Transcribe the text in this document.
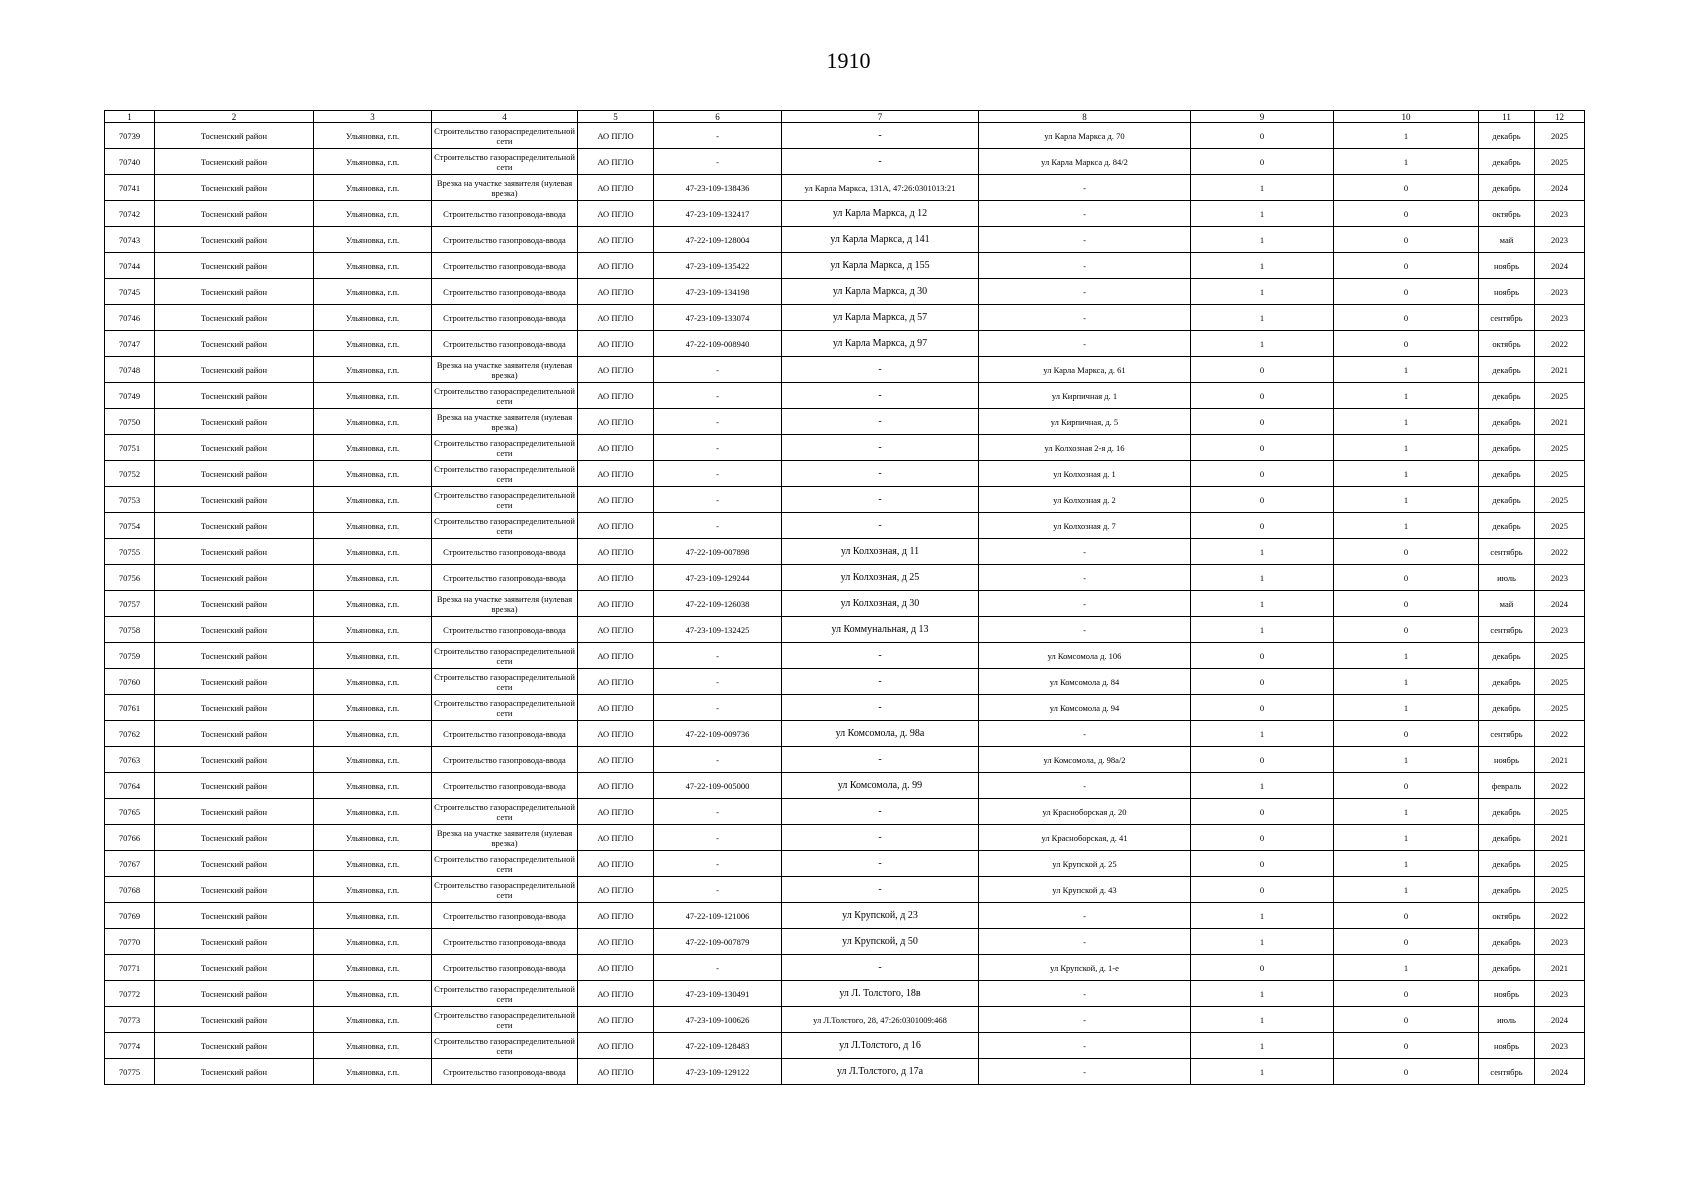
1910
1	2	3	4	5	6	7	8	9	10	11	12
70739	Тосненский район	Ульяновка, г.п.	Строительство газораспределительной сети	АО ПГЛО	-	-	ул Карла Маркса д. 70	0	1	декабрь	2025
70740	Тосненский район	Ульяновка, г.п.	Строительство газораспределительной сети	АО ПГЛО	-	-	ул Карла Маркса д. 84/2	0	1	декабрь	2025
70741	Тосненский район	Ульяновка, г.п.	Врезка на участке заявителя (нулевая врезка)	АО ПГЛО	47-23-109-138436	ул Карла Маркса, 131А, 47:26:0301013:21	-	1	0	декабрь	2024
70742	Тосненский район	Ульяновка, г.п.	Строительство газопровода-ввода	АО ПГЛО	47-23-109-132417	ул Карла Маркса, д 12	-	1	0	октябрь	2023
70743	Тосненский район	Ульяновка, г.п.	Строительство газопровода-ввода	АО ПГЛО	47-22-109-128004	ул Карла Маркса, д 141	-	1	0	май	2023
70744	Тосненский район	Ульяновка, г.п.	Строительство газопровода-ввода	АО ПГЛО	47-23-109-135422	ул Карла Маркса, д 155	-	1	0	ноябрь	2024
70745	Тосненский район	Ульяновка, г.п.	Строительство газопровода-ввода	АО ПГЛО	47-23-109-134198	ул Карла Маркса, д 30	-	1	0	ноябрь	2023
70746	Тосненский район	Ульяновка, г.п.	Строительство газопровода-ввода	АО ПГЛО	47-23-109-133074	ул Карла Маркса, д 57	-	1	0	сентябрь	2023
70747	Тосненский район	Ульяновка, г.п.	Строительство газопровода-ввода	АО ПГЛО	47-22-109-008940	ул Карла Маркса, д 97	-	1	0	октябрь	2022
70748	Тосненский район	Ульяновка, г.п.	Врезка на участке заявителя (нулевая врезка)	АО ПГЛО	-	-	ул Карла Маркса, д. 61	0	1	декабрь	2021
70749	Тосненский район	Ульяновка, г.п.	Строительство газораспределительной сети	АО ПГЛО	-	-	ул Кирпичная д. 1	0	1	декабрь	2025
70750	Тосненский район	Ульяновка, г.п.	Врезка на участке заявителя (нулевая врезка)	АО ПГЛО	-	-	ул Кирпичная, д. 5	0	1	декабрь	2021
70751	Тосненский район	Ульяновка, г.п.	Строительство газораспределительной сети	АО ПГЛО	-	-	ул Колхозная 2-я д. 16	0	1	декабрь	2025
70752	Тосненский район	Ульяновка, г.п.	Строительство газораспределительной сети	АО ПГЛО	-	-	ул Колхозная д. 1	0	1	декабрь	2025
70753	Тосненский район	Ульяновка, г.п.	Строительство газораспределительной сети	АО ПГЛО	-	-	ул Колхозная д. 2	0	1	декабрь	2025
70754	Тосненский район	Ульяновка, г.п.	Строительство газораспределительной сети	АО ПГЛО	-	-	ул Колхозная д. 7	0	1	декабрь	2025
70755	Тосненский район	Ульяновка, г.п.	Строительство газопровода-ввода	АО ПГЛО	47-22-109-007898	ул Колхозная, д 11	-	1	0	сентябрь	2022
70756	Тосненский район	Ульяновка, г.п.	Строительство газопровода-ввода	АО ПГЛО	47-23-109-129244	ул Колхозная, д 25	-	1	0	июль	2023
70757	Тосненский район	Ульяновка, г.п.	Врезка на участке заявителя (нулевая врезка)	АО ПГЛО	47-22-109-126038	ул Колхозная, д 30	-	1	0	май	2024
70758	Тосненский район	Ульяновка, г.п.	Строительство газопровода-ввода	АО ПГЛО	47-23-109-132425	ул Коммунальная, д 13	-	1	0	сентябрь	2023
70759	Тосненский район	Ульяновка, г.п.	Строительство газораспределительной сети	АО ПГЛО	-	-	ул Комсомола д. 106	0	1	декабрь	2025
70760	Тосненский район	Ульяновка, г.п.	Строительство газораспределительной сети	АО ПГЛО	-	-	ул Комсомола д. 84	0	1	декабрь	2025
70761	Тосненский район	Ульяновка, г.п.	Строительство газораспределительной сети	АО ПГЛО	-	-	ул Комсомола д. 94	0	1	декабрь	2025
70762	Тосненский район	Ульяновка, г.п.	Строительство газопровода-ввода	АО ПГЛО	47-22-109-009736	ул Комсомола, д. 98а	-	1	0	сентябрь	2022
70763	Тосненский район	Ульяновка, г.п.	Строительство газопровода-ввода	АО ПГЛО	-	-	ул Комсомола, д. 98а/2	0	1	ноябрь	2021
70764	Тосненский район	Ульяновка, г.п.	Строительство газопровода-ввода	АО ПГЛО	47-22-109-005000	ул Комсомола, д. 99	-	1	0	февраль	2022
70765	Тосненский район	Ульяновка, г.п.	Строительство газораспределительной сети	АО ПГЛО	-	-	ул Красноборская д. 20	0	1	декабрь	2025
70766	Тосненский район	Ульяновка, г.п.	Врезка на участке заявителя (нулевая врезка)	АО ПГЛО	-	-	ул Красноборская, д. 41	0	1	декабрь	2021
70767	Тосненский район	Ульяновка, г.п.	Строительство газораспределительной сети	АО ПГЛО	-	-	ул Крупской д. 25	0	1	декабрь	2025
70768	Тосненский район	Ульяновка, г.п.	Строительство газораспределительной сети	АО ПГЛО	-	-	ул Крупской д. 43	0	1	декабрь	2025
70769	Тосненский район	Ульяновка, г.п.	Строительство газопровода-ввода	АО ПГЛО	47-22-109-121006	ул Крупской, д 23	-	1	0	октябрь	2022
70770	Тосненский район	Ульяновка, г.п.	Строительство газопровода-ввода	АО ПГЛО	47-22-109-007879	ул Крупской, д 50	-	1	0	декабрь	2023
70771	Тосненский район	Ульяновка, г.п.	Строительство газопровода-ввода	АО ПГЛО	-	-	ул Крупской, д. 1-е	0	1	декабрь	2021
70772	Тосненский район	Ульяновка, г.п.	Строительство газораспределительной сети	АО ПГЛО	47-23-109-130491	ул Л. Толстого, 18в	-	1	0	ноябрь	2023
70773	Тосненский район	Ульяновка, г.п.	Строительство газораспределительной сети	АО ПГЛО	47-23-109-100626	ул Л.Толстого, 28, 47:26:0301009:468	-	1	0	июль	2024
70774	Тосненский район	Ульяновка, г.п.	Строительство газораспределительной сети	АО ПГЛО	47-22-109-128483	ул Л.Толстого, д 16	-	1	0	ноябрь	2023
70775	Тосненский район	Ульяновка, г.п.	Строительство газопровода-ввода	АО ПГЛО	47-23-109-129122	ул Л.Толстого, д 17а	-	1	0	сентябрь	2024
